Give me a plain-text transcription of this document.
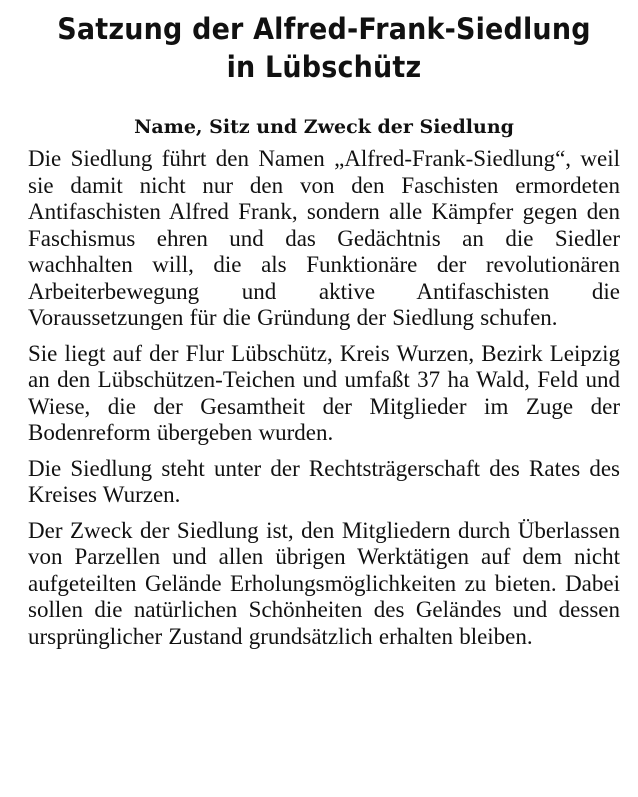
Satzung der Alfred-Frank-Siedlung
in Lübschütz
Name, Sitz und Zweck der Siedlung

Die Siedlung führt den Namen „Alfred-Frank-Siedlung“, weil sie damit nicht nur den von den Faschisten ermordeten Antifaschisten Alfred Frank, sondern alle Kämpfer gegen den Faschismus ehren und das Gedächtnis an die Siedler wachhalten will, die als Funktionäre der revolutionären Arbeiterbewegung und aktive Antifaschisten die Voraussetzungen für die Gründung der Siedlung schufen.

Sie liegt auf der Flur Lübschütz, Kreis Wurzen, Bezirk Leipzig an den Lübschützen-Teichen und umfaßt 37 ha Wald, Feld und Wiese, die der Gesamtheit der Mitglieder im Zuge der Bodenreform übergeben wurden.

Die Siedlung steht unter der Rechtsträgerschaft des Rates des Kreises Wurzen.

Der Zweck der Siedlung ist, den Mitgliedern durch Überlassen von Parzellen und allen übrigen Werktätigen auf dem nicht aufgeteilten Gelände Erholungsmöglichkeiten zu bieten. Dabei sollen die natürlichen Schönheiten des Geländes und dessen ursprünglicher Zustand grundsätzlich erhalten bleiben.
